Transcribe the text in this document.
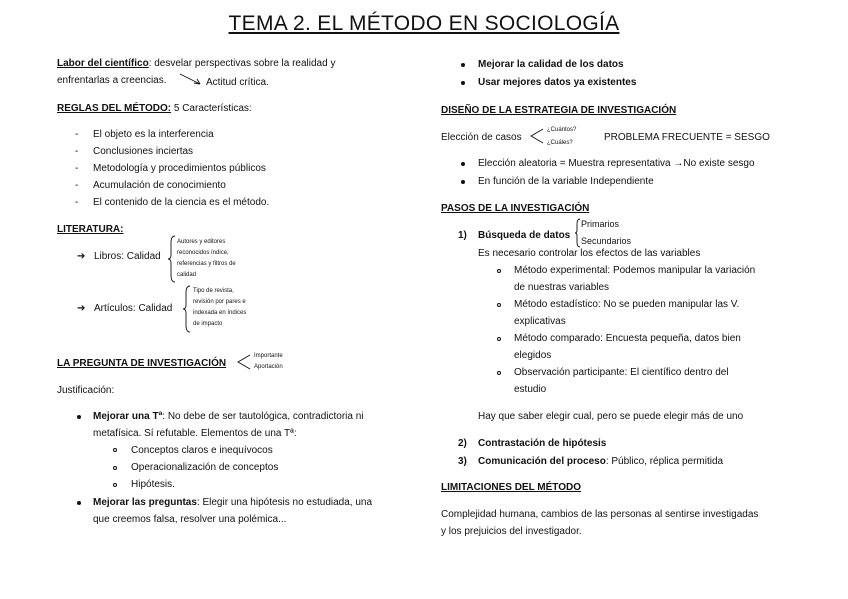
TEMA 2. EL MÉTODO EN SOCIOLOGÍA
Labor del científico: desvelar perspectivas sobre la realidad y
enfrentarlas a creencias.	Actitud crítica.
REGLAS DEL MÉTODO: 5 Características:
- El objeto es la interferencia
- Conclusiones inciertas
- Metodología y procedimientos públicos
- Acumulación de conocimiento
- El contenido de la ciencia es el método.
LITERATURA:
➔ Libros: Calidad
Autores y editores
reconocidos índice,
referencias y filtros de
calidad
➔ Artículos: Calidad
Tipo de revista,
revisión por pares e
indexada en índices
de impacto
LA PREGUNTA DE INVESTIGACIÓN
Importante
Aportación
Justificación:
Mejorar una Tª: No debe de ser tautológica, contradictoria ni
metafísica. Sí refutable. Elementos de una Tª:
Conceptos claros e inequívocos
Operacionalización de conceptos
Hipótesis.
Mejorar las preguntas: Elegir una hipótesis no estudiada, una
que creemos falsa, resolver una polémica...
Mejorar la calidad de los datos
Usar mejores datos ya existentes
DISEÑO DE LA ESTRATEGIA DE INVESTIGACIÓN
Elección de casos
¿Cuántos?
¿Cuáles?	PROBLEMA FRECUENTE = SESGO
Elección aleatoria = Muestra representativa →No existe sesgo
En función de la variable Independiente
PASOS DE LA INVESTIGACIÓN
1) Búsqueda de datos
Primarios
Secundarios
Es necesario controlar los efectos de las variables
Método experimental: Podemos manipular la variación
de nuestras variables
Método estadístico: No se pueden manipular las V.
explicativas
Método comparado: Encuesta pequeña, datos bien
elegidos
Observación participante: El científico dentro del
estudio
Hay que saber elegir cual, pero se puede elegir más de uno
2) Contrastación de hipótesis
3) Comunicación del proceso: Público, réplica permitida
LIMITACIONES DEL MÉTODO
Complejidad humana, cambios de las personas al sentirse investigadas
y los prejuicios del investigador.
